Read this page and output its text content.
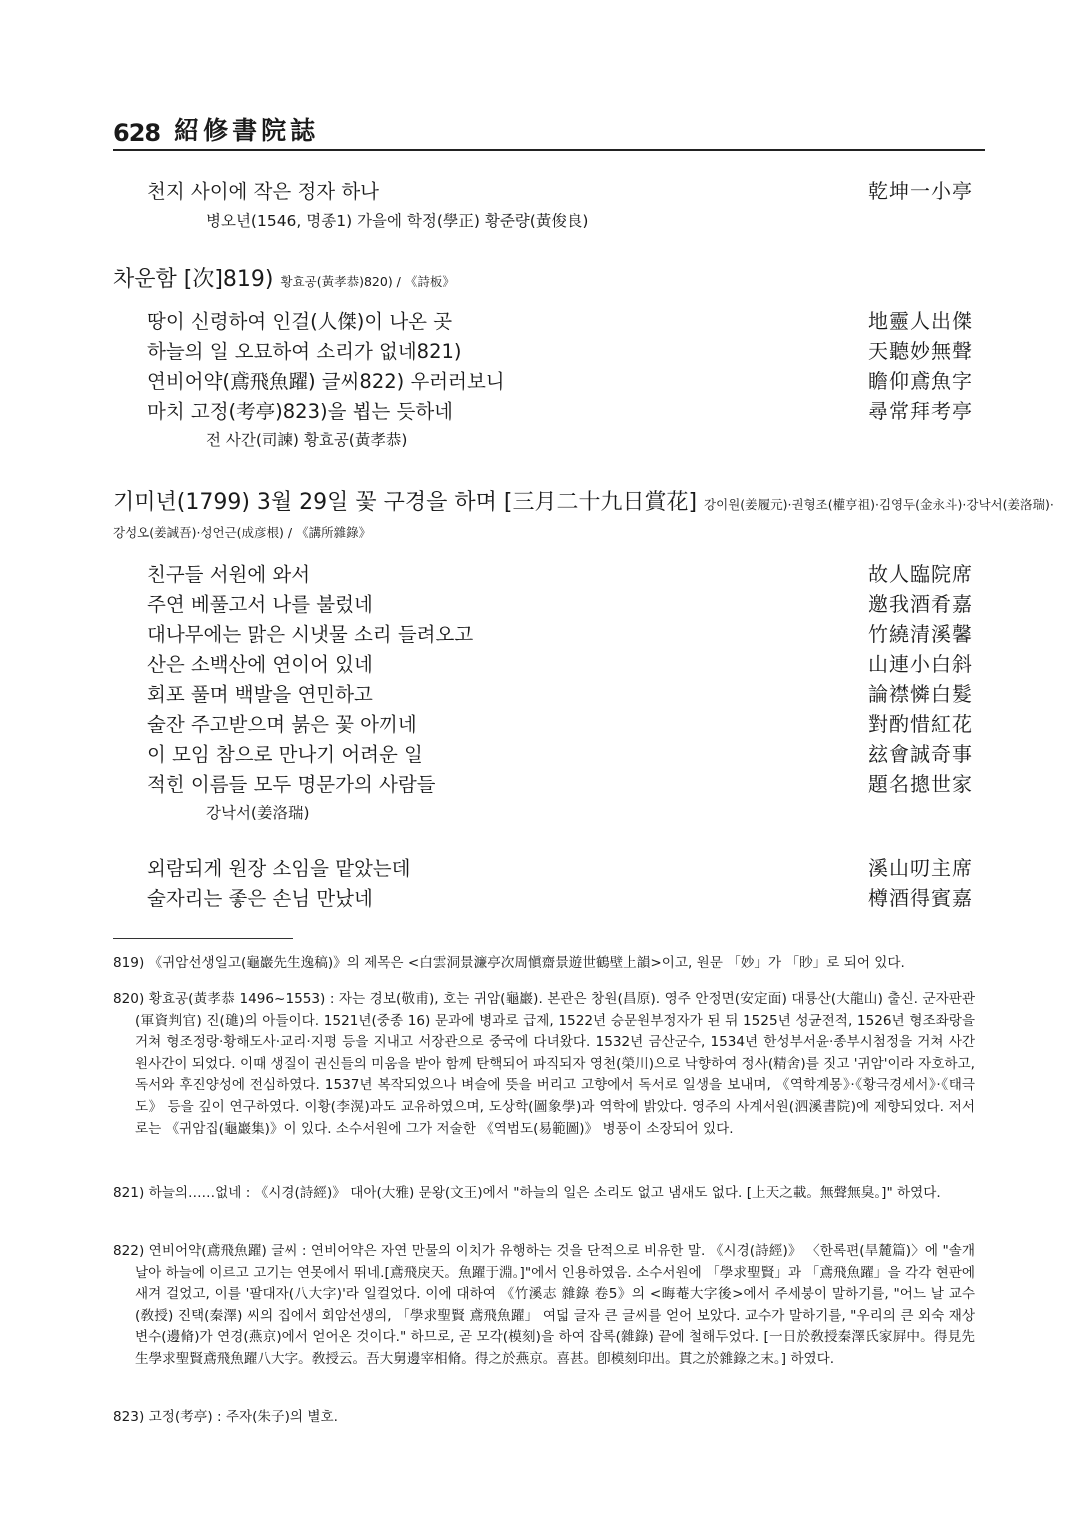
628 紹修書院誌
천지 사이에 작은 정자 하나	乾坤一小亭
병오년(1546, 명종1) 가을에 학정(學正) 황준량(黃俊良)
차운함 [次]819) 황효공(黃孝恭)820) / 《詩板》
땅이 신령하여 인걸(人傑)이 나온 곳	地靈人出傑
하늘의 일 오묘하여 소리가 없네821)	天聽妙無聲
연비어약(鳶飛魚躍) 글씨822) 우러러보니	瞻仰鳶魚字
마치 고정(考亭)823)을 뵙는 듯하네	尋常拜考亭
전 사간(司諫) 황효공(黃孝恭)
기미년(1799) 3월 29일 꽃 구경을 하며 [三月二十九日賞花] 강이원(姜履元)·권형조(權亨祖)·김영두(金永斗)·강낙서(姜洛瑞)·
강성오(姜誠吾)·성언근(成彦根) / 《講所雜錄》
친구들 서원에 와서	故人臨院席
주연 베풀고서 나를 불렀네	邀我酒肴嘉
대나무에는 맑은 시냇물 소리 들려오고	竹繞清溪馨
산은 소백산에 연이어 있네	山連小白斜
회포 풀며 백발을 연민하고	論襟憐白髮
술잔 주고받으며 붉은 꽃 아끼네	對酌惜紅花
이 모임 참으로 만나기 어려운 일	玆會誠奇事
적힌 이름들 모두 명문가의 사람들	題名摠世家
강낙서(姜洛瑞)
외람되게 원장 소임을 맡았는데	溪山叨主席
술자리는 좋은 손님 만났네	樽酒得賓嘉
819) 《귀암선생일고(龜巖先生逸稿)》의 제목은 <白雲洞景濂亭次周愼齋景遊世鶴壁上韻>이고, 원문 「妙」가 「眇」로 되어 있다.
820) 황효공(黃孝恭 1496~1553) : 자는 경보(敬甫), 호는 귀암(龜巖). 본관은 창원(昌原). 영주 안정면(安定面) 대룡산(大龍山) 출신. 군자판관(軍資判官) 진(璡)의 아들이다. 1521년(중종 16) 문과에 병과로 급제, 1522년 승문원부정자가 된 뒤 1525년 성균전적, 1526년 형조좌랑을 거쳐 형조정랑·황해도사·교리·지평 등을 지내고 서장관으로 중국에 다녀왔다. 1532년 금산군수, 1534년 한성부서윤·종부시첨정을 거쳐 사간원사간이 되었다. 이때 생질이 권신들의 미움을 받아 함께 탄핵되어 파직되자 영천(榮川)으로 낙향하여 정사(精舍)를 짓고 '귀암'이라 자호하고, 독서와 후진양성에 전심하였다. 1537년 복작되었으나 벼슬에 뜻을 버리고 고향에서 독서로 일생을 보내며, 《역학계몽》·《황극경세서》·《태극도》 등을 깊이 연구하였다. 이황(李滉)과도 교유하였으며, 도상학(圖象學)과 역학에 밝았다. 영주의 사계서원(泗溪書院)에 제향되었다. 저서로는 《귀암집(龜巖集)》이 있다. 소수서원에 그가 저술한 《역범도(易範圖)》 병풍이 소장되어 있다.
821) 하늘의……없네 : 《시경(詩經)》 대아(大雅) 문왕(文王)에서 "하늘의 일은 소리도 없고 냄새도 없다. [上天之載。無聲無臭。]" 하였다.
822) 연비어약(鳶飛魚躍) 글씨 : 연비어약은 자연 만물의 이치가 유행하는 것을 단적으로 비유한 말. 《시경(詩經)》 〈한록편(旱麓篇)〉에 "솔개 날아 하늘에 이르고 고기는 연못에서 뛰네.[鳶飛戾天。魚躍于淵。]"에서 인용하였음. 소수서원에 「學求聖賢」과 「鳶飛魚躍」을 각각 현판에 새겨 걸었고, 이를 '팔대자(八大字)'라 일컬었다. 이에 대하여 《竹溪志 雜錄 卷5》의 <晦菴大字後>에서 주세붕이 말하기를, "어느 날 교수(敎授) 진택(秦澤) 씨의 집에서 회암선생의, 「學求聖賢 鳶飛魚躍」 여덟 글자 큰 글씨를 얻어 보았다. 교수가 말하기를, "우리의 큰 외숙 재상 변수(邊脩)가 연경(燕京)에서 얻어온 것이다." 하므로, 곧 모각(模刻)을 하여 잡록(雜錄) 끝에 철해두었다. [一日於敎授秦澤氏家屛中。得見先生學求聖賢鳶飛魚躍八大字。敎授云。吾大舅邊宰相脩。得之於燕京。喜甚。卽模刻印出。貫之於雜錄之末。] 하였다.
823) 고정(考亭) : 주자(朱子)의 별호.
